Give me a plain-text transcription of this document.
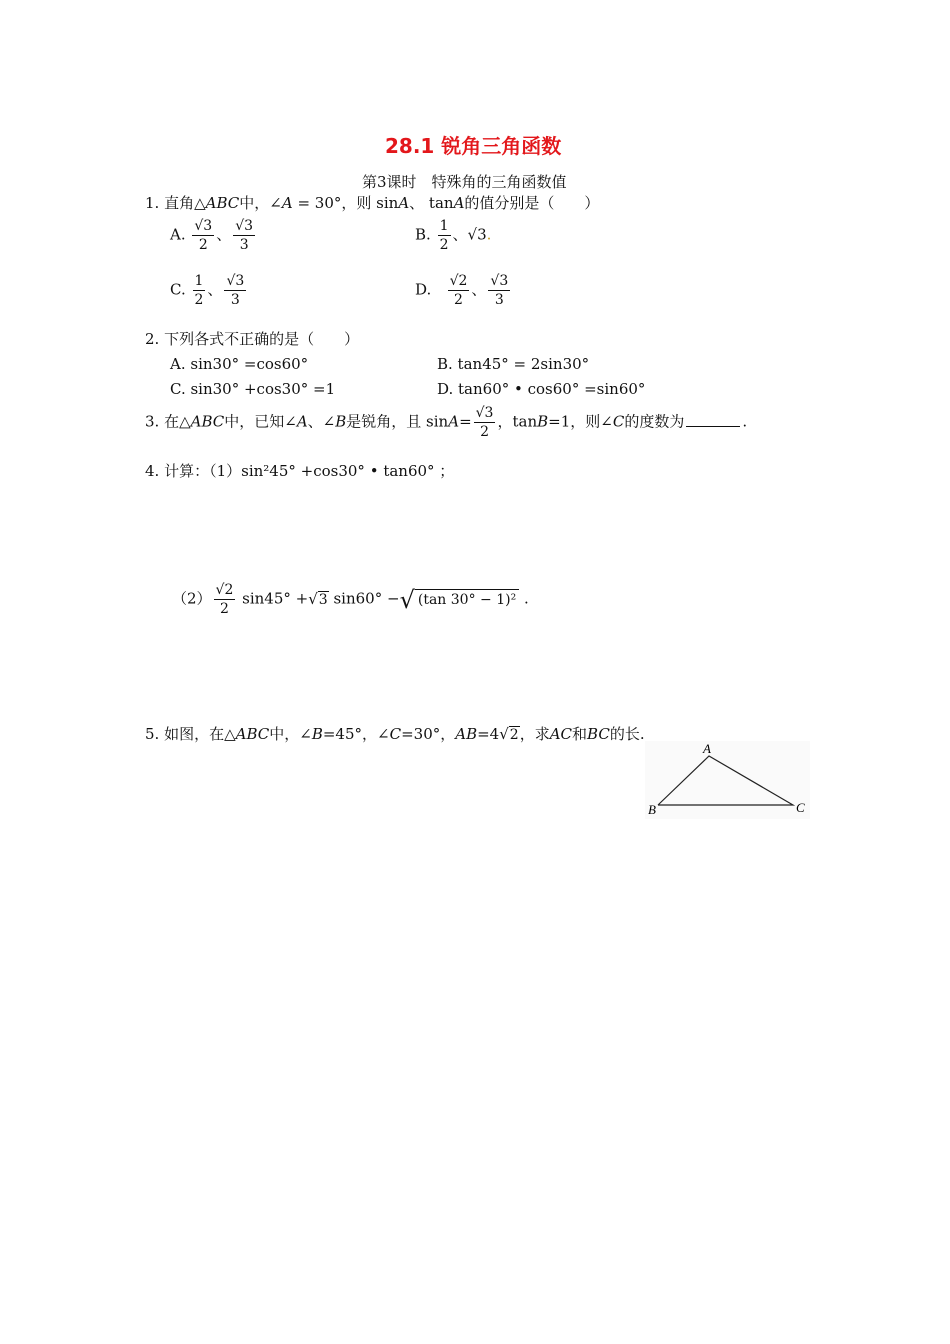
28.1 锐角三角函数
第3课时　特殊角的三角函数值
1. 直角△ABC中，∠A = 30°，则 sinA、 tanA的值分别是（　　）
A. $\frac{√3}{2}$ 、 $\frac{√3}{3}$	B. $\frac{1}{2}$ 、√3.
C. $\frac{1}{2}$ 、 $\frac{√3}{3}$	D. $\frac{√2}{2}$ 、 $\frac{√3}{3}$
2. 下列各式不正确的是（　　）
A. sin30° =cos60°	B. tan45° = 2sin30°
C. sin30° +cos30° =1	D. tan60° • cos60° =sin60°
3. 在△ABC中，已知∠A、∠B是锐角，且 $\sin A= \frac{√3}{2}$ ，tanB=1，则∠C的度数为	.
4. 计算：（1）sin²45° +cos30° • tan60° ；
$(2) \frac{√2}{2} \sin 45^\circ +√3$ sin60° −√ (tan 30° − 1)² .
5. 如图，在△ABC中，∠B=45°，∠C=30°，AB=4√2，求AC和BC的长.
A
B	C
